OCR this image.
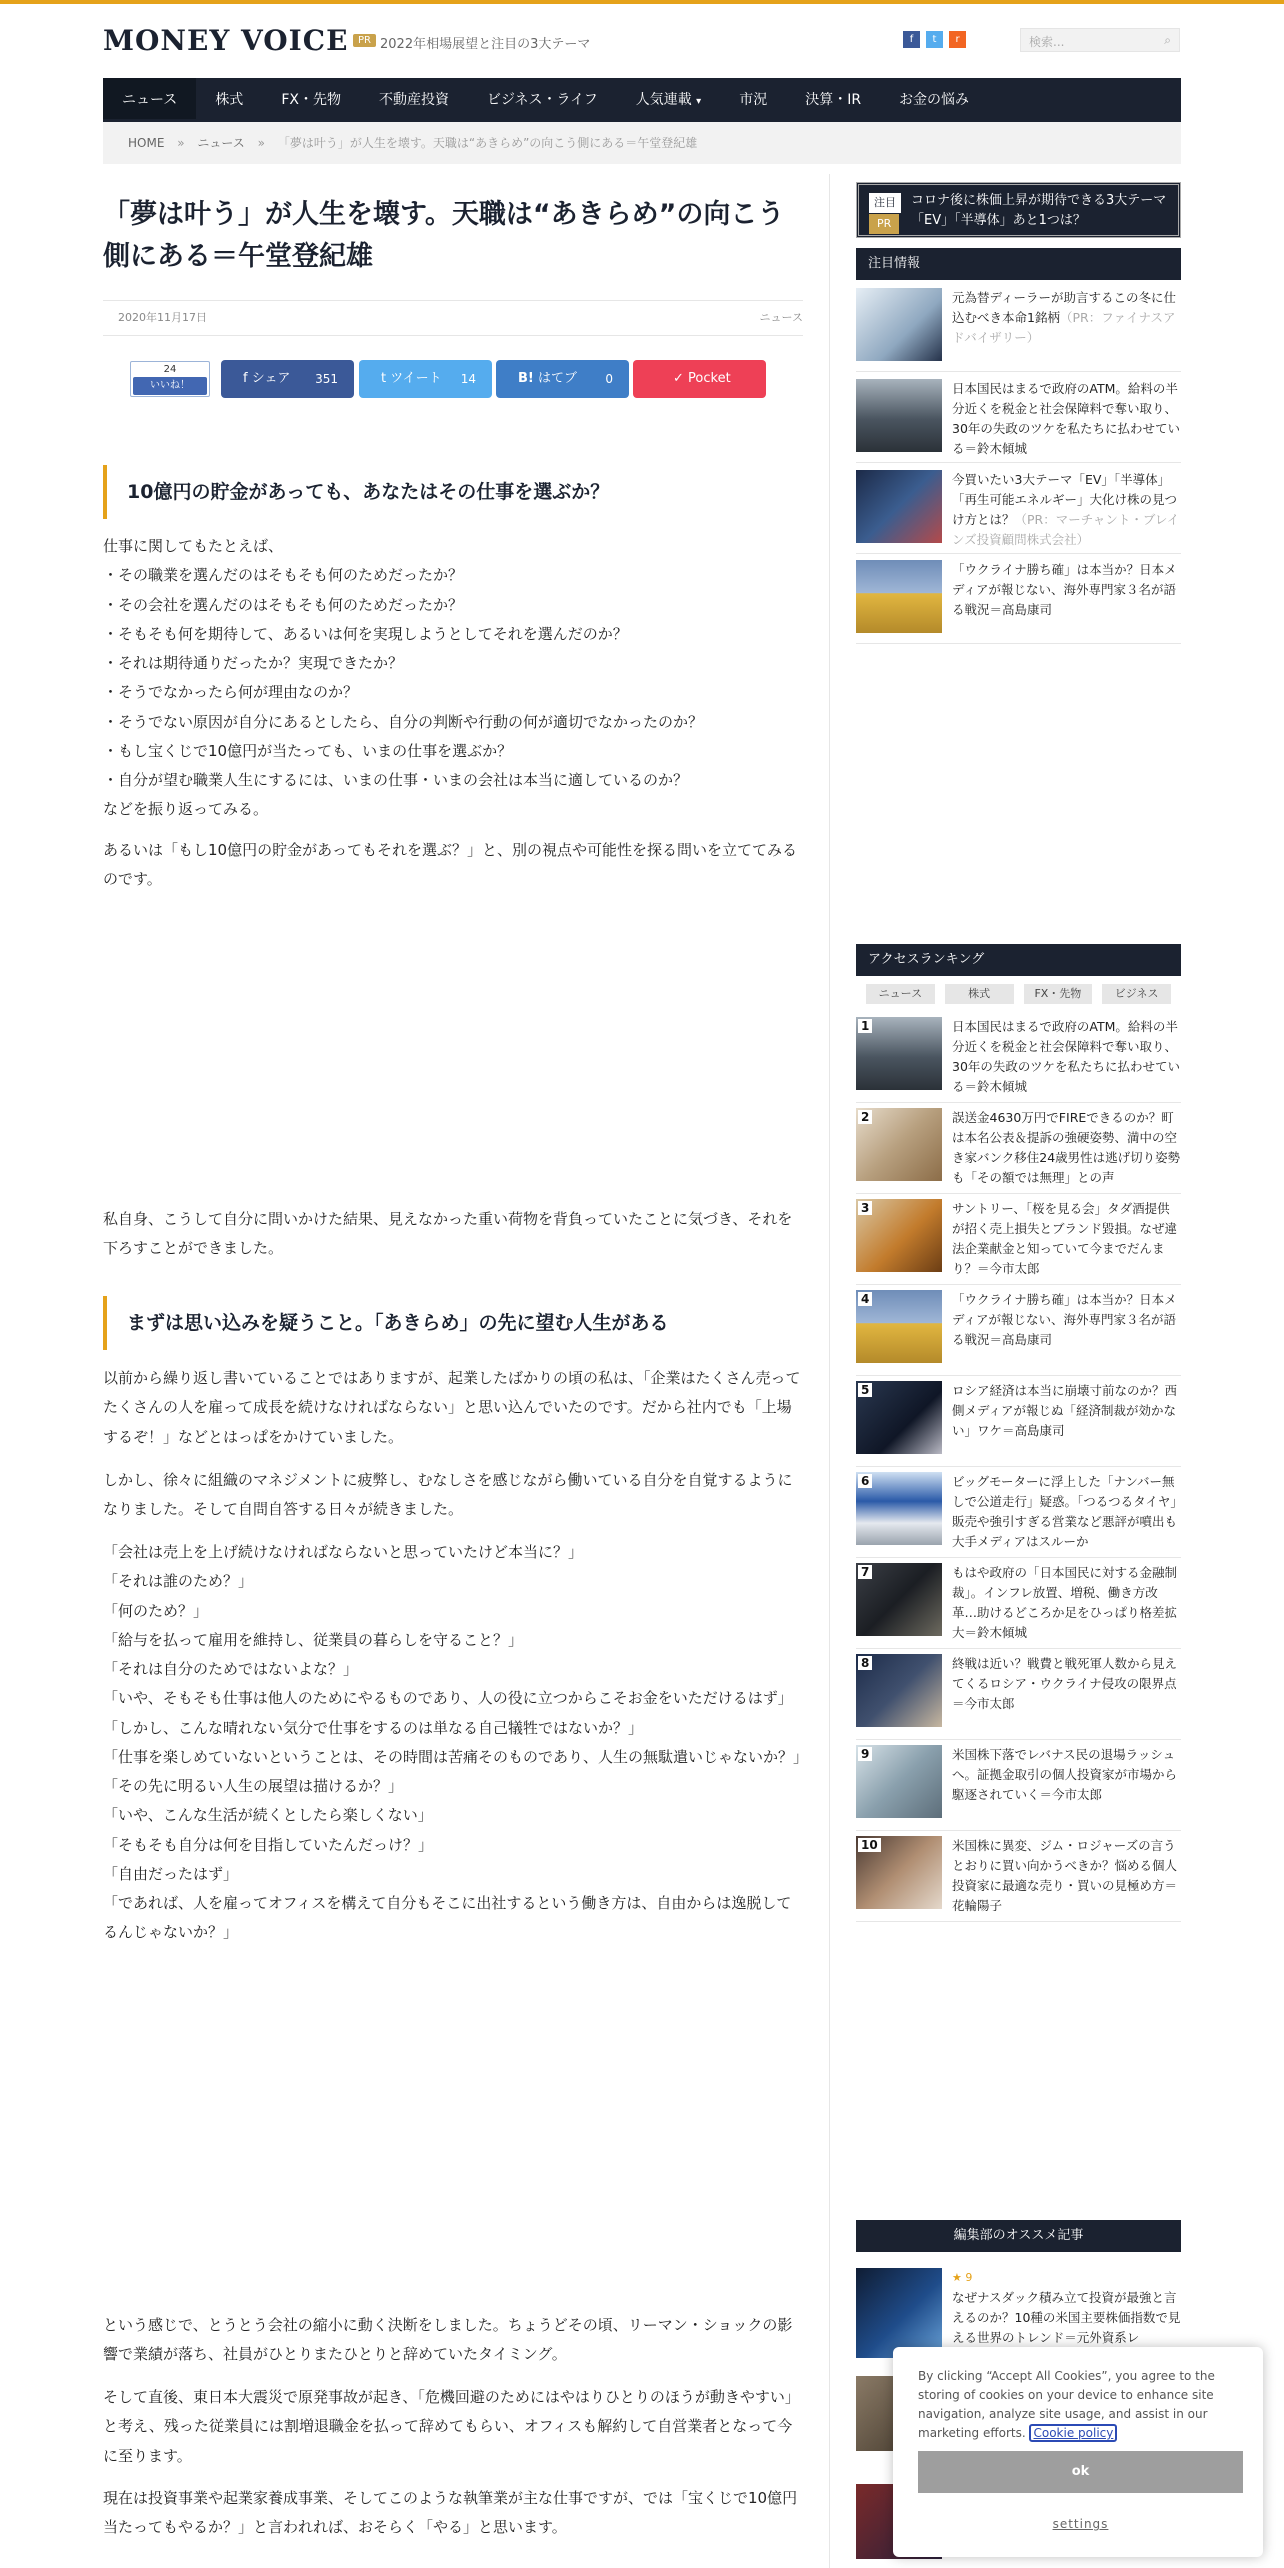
MONEY VOICE PR 2022年相場展望と注目の3大テーマ	f	t	r	検索...	⌕
ニュース	株式	FX・先物	不動産投資	ビジネス・ライフ	人気連載 ▾	市況	決算・IR	お金の悩み
HOME » ニュース » 「夢は叶う」が人生を壊す。天職は“あきらめ”の向こう側にある＝午堂登紀雄
「夢は叶う」が人生を壊す。天職は“あきらめ”の向こう側にある＝午堂登紀雄
2020年11月17日	ニュース
24
いいね！	f シェア 351	t ツイート 14	B! はてブ 0	✓ Pocket
10億円の貯金があっても、あなたはその仕事を選ぶか？
仕事に関してもたとえば、
・その職業を選んだのはそもそも何のためだったか？
・その会社を選んだのはそもそも何のためだったか？
・そもそも何を期待して、あるいは何を実現しようとしてそれを選んだのか？
・それは期待通りだったか？実現できたか？
・そうでなかったら何が理由なのか？
・そうでない原因が自分にあるとしたら、自分の判断や行動の何が適切でなかったのか？
・もし宝くじで10億円が当たっても、いまの仕事を選ぶか？
・自分が望む職業人生にするには、いまの仕事・いまの会社は本当に適しているのか？
などを振り返ってみる。

あるいは「もし10億円の貯金があってもそれを選ぶ？」と、別の視点や可能性を探る問いを立ててみるのです。

私自身、こうして自分に問いかけた結果、見えなかった重い荷物を背負っていたことに気づき、それを下ろすことができました。

まずは思い込みを疑うこと。「あきらめ」の先に望む人生がある

以前から繰り返し書いていることではありますが、起業したばかりの頃の私は、「企業はたくさん売ってたくさんの人を雇って成長を続けなければならない」と思い込んでいたのです。だから社内でも「上場するぞ！」などとはっぱをかけていました。

しかし、徐々に組織のマネジメントに疲弊し、むなしさを感じながら働いている自分を自覚するようになりました。そして自問自答する日々が続きました。

「会社は売上を上げ続けなければならないと思っていたけど本当に？」
「それは誰のため？」
「何のため？」
「給与を払って雇用を維持し、従業員の暮らしを守ること？」
「それは自分のためではないよな？」
「いや、そもそも仕事は他人のためにやるものであり、人の役に立つからこそお金をいただけるはず」
「しかし、こんな晴れない気分で仕事をするのは単なる自己犠牲ではないか？」
「仕事を楽しめていないということは、その時間は苦痛そのものであり、人生の無駄遣いじゃないか？」
「その先に明るい人生の展望は描けるか？」
「いや、こんな生活が続くとしたら楽しくない」
「そもそも自分は何を目指していたんだっけ？」
「自由だったはず」
「であれば、人を雇ってオフィスを構えて自分もそこに出社するという働き方は、自由からは逸脱してるんじゃないか？」

という感じで、とうとう会社の縮小に動く決断をしました。ちょうどその頃、リーマン・ショックの影響で業績が落ち、社員がひとりまたひとりと辞めていたタイミング。

そして直後、東日本大震災で原発事故が起き、「危機回避のためにはやはりひとりのほうが動きやすい」と考え、残った従業員には割増退職金を払って辞めてもらい、オフィスも解約して自営業者となって今に至ります。

現在は投資事業や起業家養成事業、そしてこのような執筆業が主な仕事ですが、では「宝くじで10億円当たってもやるか？」と言われれば、おそらく「やる」と思います。

注目
PR
コロナ後に株価上昇が期待できる3大テーマ
「EV」「半導体」あと1つは？
注目情報
元為替ディーラーが助言するこの冬に仕込むべき本命1銘柄（PR：ファイナスアドバイザリー）
日本国民はまるで政府のATM。給料の半分近くを税金と社会保障料で奪い取り、30年の失政のツケを私たちに払わせている＝鈴木傾城
今買いたい3大テーマ「EV」「半導体」「再生可能エネルギー」大化け株の見つけ方とは？（PR：マーチャント・ブレインズ投資顧問株式会社）
「ウクライナ勝ち確」は本当か？日本メディアが報じない、海外専門家３名が語る戦況＝高島康司
アクセスランキング
ニュース	株式	FX・先物	ビジネス
1	日本国民はまるで政府のATM。給料の半分近くを税金と社会保障料で奪い取り、30年の失政のツケを私たちに払わせている＝鈴木傾城
2	誤送金4630万円でFIREできるのか？町は本名公表＆提訴の強硬姿勢、満中の空き家バンク移住24歳男性は逃げ切り姿勢も「その額では無理」との声
3	サントリー、「桜を見る会」タダ酒提供が招く売上損失とブランド毀損。なぜ違法企業献金と知っていて今までだんまり？＝今市太郎
4	「ウクライナ勝ち確」は本当か？日本メディアが報じない、海外専門家３名が語る戦況＝高島康司
5	ロシア経済は本当に崩壊寸前なのか？西側メディアが報じぬ「経済制裁が効かない」ワケ＝高島康司
6	ビッグモーターに浮上した「ナンバー無しで公道走行」疑惑。「つるつるタイヤ」販売や強引すぎる営業など悪評が噴出も大手メディアはスルーか
7	もはや政府の「日本国民に対する金融制裁」。インフレ放置、増税、働き方改革…助けるどころか足をひっぱり格差拡大＝鈴木傾城
8	終戦は近い？戦費と戦死軍人数から見えてくるロシア・ウクライナ侵攻の限界点＝今市太郎
9	米国株下落でレバナス民の退場ラッシュへ。証拠金取引の個人投資家が市場から駆逐されていく＝今市太郎
10	米国株に異変、ジム・ロジャーズの言うとおりに買い向かうべきか？悩める個人投資家に最適な売り・買いの見極め方＝花輪陽子
編集部のオススメ記事
★ 9
なぜナスダック積み立て投資が最強と言えるのか？10種の米国主要株価指数で見える世界のトレンド＝元外資系レ
By clicking “Accept All Cookies”, you agree to the storing of cookies on your device to enhance site navigation, analyze site usage, and assist in our marketing efforts. Cookie policy
ok
settings
